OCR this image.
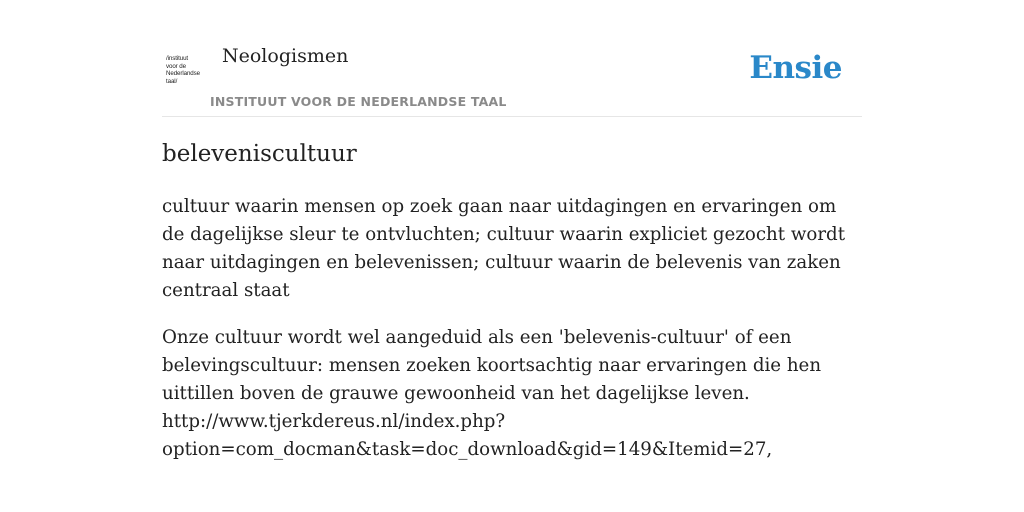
/instituut
voor de
Nederlandse
taal/
Neologismen
INSTITUUT VOOR DE NEDERLANDSE TAAL
Ensie
beleveniscultuur

cultuur waarin mensen op zoek gaan naar uitdagingen en ervaringen om de dagelijkse sleur te ontvluchten; cultuur waarin expliciet gezocht wordt naar uitdagingen en belevenissen; cultuur waarin de belevenis van zaken centraal staat

Onze cultuur wordt wel aangeduid als een 'belevenis-cultuur' of een belevingscultuur: mensen zoeken koortsachtig naar ervaringen die hen uittillen boven de grauwe gewoonheid van het dagelijkse leven.
http://www.tjerkdereus.nl/index.php?
option=com_docman&task=doc_download&gid=149&Itemid=27,
